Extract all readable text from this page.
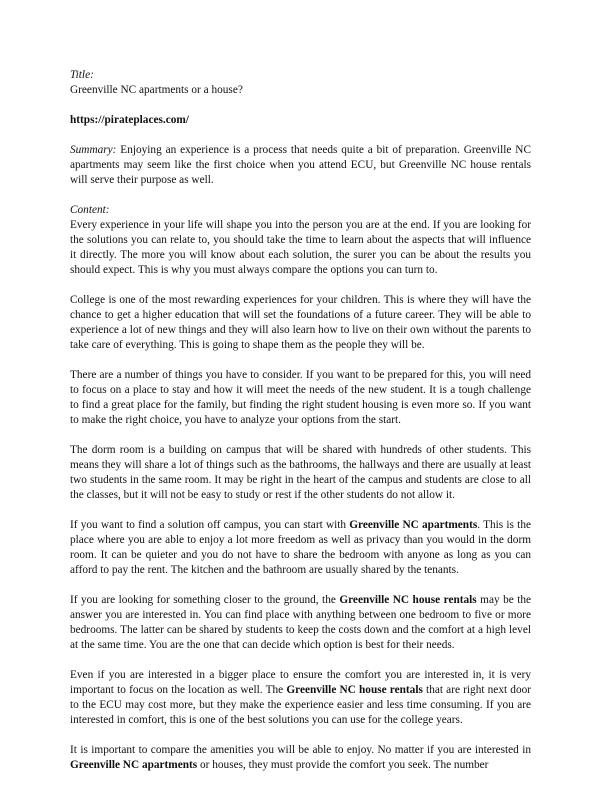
Title:
Greenville NC apartments or a house?

https://pirateplaces.com/

Summary: Enjoying an experience is a process that needs quite a bit of preparation. Greenville NC apartments may seem like the first choice when you attend ECU, but Greenville NC house rentals will serve their purpose as well.

Content:

Every experience in your life will shape you into the person you are at the end. If you are looking for the solutions you can relate to, you should take the time to learn about the aspects that will influence it directly. The more you will know about each solution, the surer you can be about the results you should expect. This is why you must always compare the options you can turn to.

College is one of the most rewarding experiences for your children. This is where they will have the chance to get a higher education that will set the foundations of a future career. They will be able to experience a lot of new things and they will also learn how to live on their own without the parents to take care of everything. This is going to shape them as the people they will be.

There are a number of things you have to consider. If you want to be prepared for this, you will need to focus on a place to stay and how it will meet the needs of the new student. It is a tough challenge to find a great place for the family, but finding the right student housing is even more so. If you want to make the right choice, you have to analyze your options from the start.

The dorm room is a building on campus that will be shared with hundreds of other students. This means they will share a lot of things such as the bathrooms, the hallways and there are usually at least two students in the same room. It may be right in the heart of the campus and students are close to all the classes, but it will not be easy to study or rest if the other students do not allow it.

If you want to find a solution off campus, you can start with Greenville NC apartments. This is the place where you are able to enjoy a lot more freedom as well as privacy than you would in the dorm room. It can be quieter and you do not have to share the bedroom with anyone as long as you can afford to pay the rent. The kitchen and the bathroom are usually shared by the tenants.

If you are looking for something closer to the ground, the Greenville NC house rentals may be the answer you are interested in. You can find place with anything between one bedroom to five or more bedrooms. The latter can be shared by students to keep the costs down and the comfort at a high level at the same time. You are the one that can decide which option is best for their needs.

Even if you are interested in a bigger place to ensure the comfort you are interested in, it is very important to focus on the location as well. The Greenville NC house rentals that are right next door to the ECU may cost more, but they make the experience easier and less time consuming. If you are interested in comfort, this is one of the best solutions you can use for the college years.

It is important to compare the amenities you will be able to enjoy. No matter if you are interested in Greenville NC apartments or houses, they must provide the comfort you seek. The number
